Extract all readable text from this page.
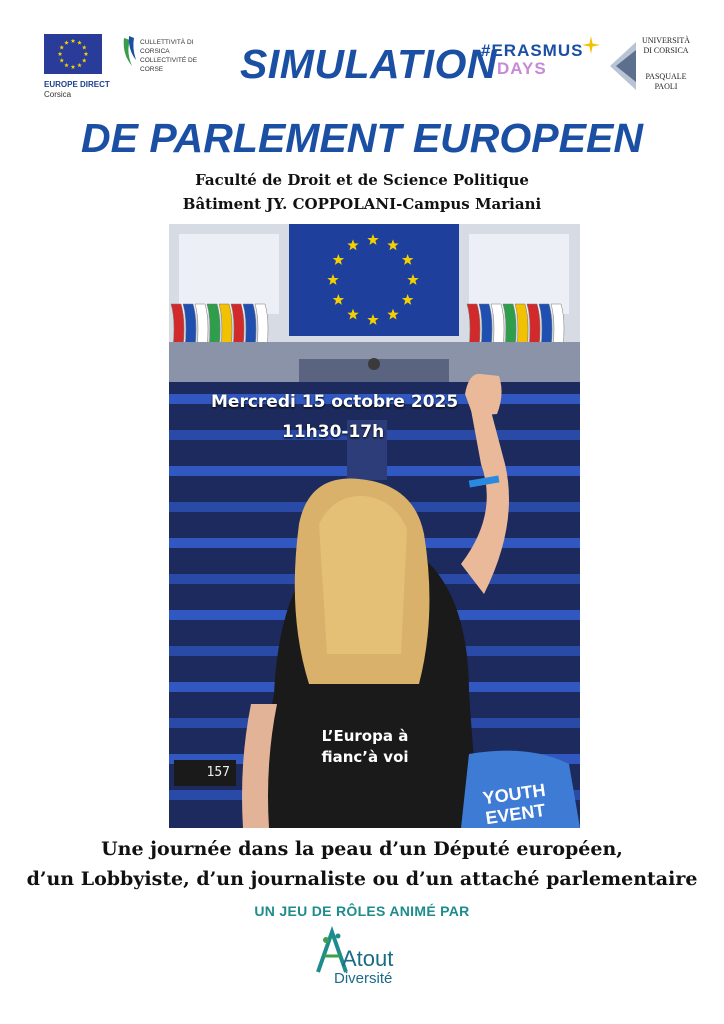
EUROPE DIRECT
Corsica
CULLETTIVITÀ DI CORSICA
COLLECTIVITÉ DE CORSE	SIMULATION
#ERASMUS
DAYS
UNIVERSITÀ
DI CORSICA
PASQUALE
PAOLI
DE PARLEMENT EUROPEEN
Faculté de Droit et de Science Politique
Bâtiment JY. COPPOLANI-Campus Mariani
Mercredi 15 octobre 2025
11h30-17h
L’Europa à
fianc’à voi
157
YOUTH
EVENT
Une journée dans la peau d’un Député européen,
d’un Lobbyiste, d’un journaliste ou d’un attaché parlementaire
UN JEU DE RÔLES ANIMÉ PAR
Atout
Diversité
